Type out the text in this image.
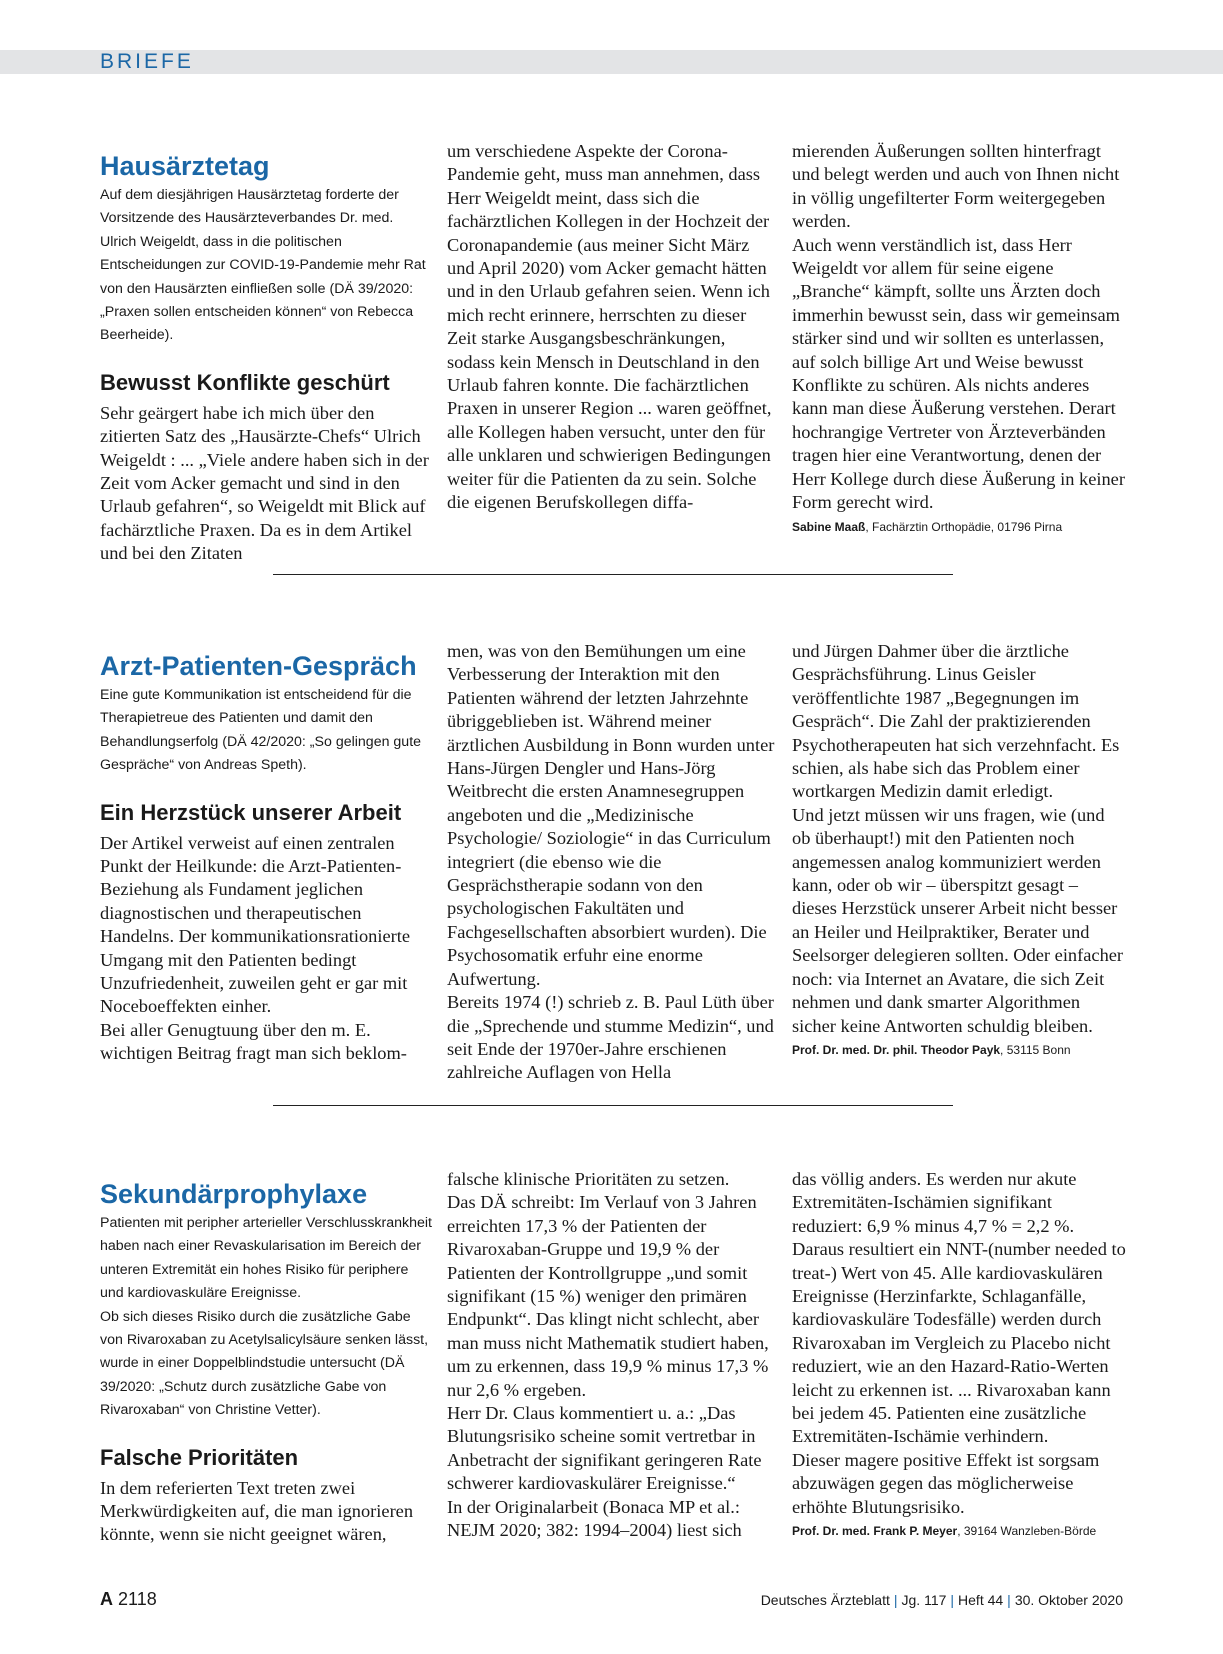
BRIEFE
Hausärztetag

Auf dem diesjährigen Hausärztetag forderte der Vorsitzende des Hausärzteverbandes Dr. med. Ulrich Weigeldt, dass in die politischen Entscheidungen zur COVID-19-Pandemie mehr Rat von den Hausärzten einfließen solle (DÄ 39/2020: „Praxen sollen entscheiden können“ von Rebecca Beerheide).

Bewusst Konflikte geschürt

Sehr geärgert habe ich mich über den zitierten Satz des „Hausärzte-Chefs“ Ulrich Weigeldt : ... „Viele andere haben sich in der Zeit vom Acker gemacht und sind in den Urlaub gefahren“, so Weigeldt mit Blick auf fachärztliche Praxen. Da es in dem Artikel und bei den Zitaten

um verschiedene Aspekte der Corona-Pandemie geht, muss man annehmen, dass Herr Weigeldt meint, dass sich die fachärztlichen Kollegen in der Hochzeit der Coronapandemie (aus meiner Sicht März und April 2020) vom Acker gemacht hätten und in den Urlaub gefahren seien. Wenn ich mich recht erinnere, herrschten zu dieser Zeit starke Ausgangsbeschränkungen, sodass kein Mensch in Deutschland in den Urlaub fahren konnte. Die fachärztlichen Praxen in unserer Region ... waren geöffnet, alle Kollegen haben versucht, unter den für alle unklaren und schwierigen Bedingungen weiter für die Patienten da zu sein. Solche die eigenen Berufskollegen diffa-

mierenden Äußerungen sollten hinterfragt und belegt werden und auch von Ihnen nicht in völlig ungefilterter Form weitergegeben werden.
Auch wenn verständlich ist, dass Herr Weigeldt vor allem für seine eigene „Branche“ kämpft, sollte uns Ärzten doch immerhin bewusst sein, dass wir gemeinsam stärker sind und wir sollten es unterlassen, auf solch billige Art und Weise bewusst Konflikte zu schüren. Als nichts anderes kann man diese Äußerung verstehen. Derart hochrangige Vertreter von Ärzteverbänden tragen hier eine Verantwortung, denen der Herr Kollege durch diese Äußerung in keiner Form gerecht wird.

Sabine Maaß, Fachärztin Orthopädie, 01796 Pirna
Arzt-Patienten-Gespräch

Eine gute Kommunikation ist entscheidend für die Therapietreue des Patienten und damit den Behandlungserfolg (DÄ 42/2020: „So gelingen gute Gespräche“ von Andreas Speth).

Ein Herzstück unserer Arbeit

Der Artikel verweist auf einen zentralen Punkt der Heilkunde: die Arzt-Patienten-Beziehung als Fundament jeglichen diagnostischen und therapeutischen Handelns. Der kommunikationsrationierte Umgang mit den Patienten bedingt Unzufriedenheit, zuweilen geht er gar mit Noceboeffekten einher.
Bei aller Genugtuung über den m. E. wichtigen Beitrag fragt man sich beklom-

men, was von den Bemühungen um eine Verbesserung der Interaktion mit den Patienten während der letzten Jahrzehnte übriggeblieben ist. Während meiner ärztlichen Ausbildung in Bonn wurden unter Hans-Jürgen Dengler und Hans-Jörg Weitbrecht die ersten Anamnesegruppen angeboten und die „Medizinische Psychologie/ Soziologie“ in das Curriculum integriert (die ebenso wie die Gesprächstherapie sodann von den psychologischen Fakultäten und Fachgesellschaften absorbiert wurden). Die Psychosomatik erfuhr eine enorme Aufwertung.
Bereits 1974 (!) schrieb z. B. Paul Lüth über die „Sprechende und stumme Medizin“, und seit Ende der 1970er-Jahre erschienen zahlreiche Auflagen von Hella

und Jürgen Dahmer über die ärztliche Gesprächsführung. Linus Geisler veröffentlichte 1987 „Begegnungen im Gespräch“. Die Zahl der praktizierenden Psychotherapeuten hat sich verzehnfacht. Es schien, als habe sich das Problem einer wortkargen Medizin damit erledigt.
Und jetzt müssen wir uns fragen, wie (und ob überhaupt!) mit den Patienten noch angemessen analog kommuniziert werden kann, oder ob wir – überspitzt gesagt – dieses Herzstück unserer Arbeit nicht besser an Heiler und Heilpraktiker, Berater und Seelsorger delegieren sollten. Oder einfacher noch: via Internet an Avatare, die sich Zeit nehmen und dank smarter Algorithmen sicher keine Antworten schuldig bleiben.

Prof. Dr. med. Dr. phil. Theodor Payk, 53115 Bonn
Sekundärprophylaxe

Patienten mit peripher arterieller Verschlusskrankheit haben nach einer Revaskularisation im Bereich der unteren Extremität ein hohes Risiko für periphere und kardiovaskuläre Ereignisse.
Ob sich dieses Risiko durch die zusätzliche Gabe von Rivaroxaban zu Acetylsalicylsäure senken lässt, wurde in einer Doppelblindstudie untersucht (DÄ 39/2020: „Schutz durch zusätzliche Gabe von Rivaroxaban“ von Christine Vetter).

Falsche Prioritäten

In dem referierten Text treten zwei Merkwürdigkeiten auf, die man ignorieren könnte, wenn sie nicht geeignet wären,

falsche klinische Prioritäten zu setzen.
Das DÄ schreibt: Im Verlauf von 3 Jahren erreichten 17,3 % der Patienten der Rivaroxaban-Gruppe und 19,9 % der Patienten der Kontrollgruppe „und somit signifikant (15 %) weniger den primären Endpunkt“. Das klingt nicht schlecht, aber man muss nicht Mathematik studiert haben, um zu erkennen, dass 19,9 % minus 17,3 % nur 2,6 % ergeben.
Herr Dr. Claus kommentiert u. a.: „Das Blutungsrisiko scheine somit vertretbar in Anbetracht der signifikant geringeren Rate schwerer kardiovaskulärer Ereignisse.“
In der Originalarbeit (Bonaca MP et al.: NEJM 2020; 382: 1994–2004) liest sich

das völlig anders. Es werden nur akute Extremitäten-Ischämien signifikant reduziert: 6,9 % minus 4,7 % = 2,2 %. Daraus resultiert ein NNT-(number needed to treat-) Wert von 45. Alle kardiovaskulären Ereignisse (Herzinfarkte, Schlaganfälle, kardiovaskuläre Todesfälle) werden durch Rivaroxaban im Vergleich zu Placebo nicht reduziert, wie an den Hazard-Ratio-Werten leicht zu erkennen ist. ... Rivaroxaban kann bei jedem 45. Patienten eine zusätzliche Extremitäten-Ischämie verhindern.
Dieser magere positive Effekt ist sorgsam abzuwägen gegen das möglicherweise erhöhte Blutungsrisiko.

Prof. Dr. med. Frank P. Meyer, 39164 Wanzleben-Börde
A 2118	Deutsches Ärzteblatt | Jg. 117 | Heft 44 | 30. Oktober 2020
